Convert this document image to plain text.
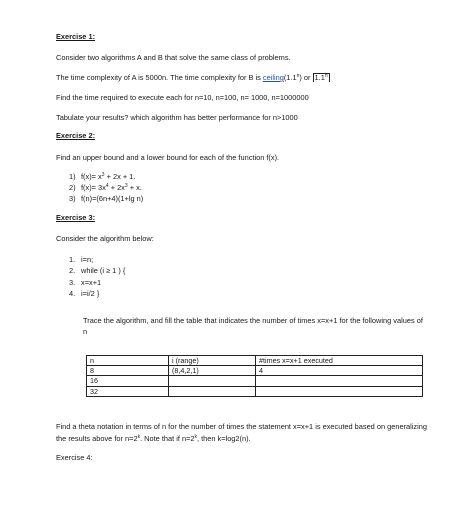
Exercise 1:
Consider two algorithms A and B that solve the same class of problems.
The time complexity of A is 5000n. The time complexity for B is ceiling(1.1$^n$) or 1.1$^n$
Find the time required to execute each for n=10, n=100, n= 1000, n=1000000
Tabulate your results? which algorithm has better performance for n>1000
Exercise 2:
Find an upper bound and a lower bound for each of the function f(x).
1) $f(x)= x^3 + 2x + 1$.
2) $f(x)= 3x^4 + 2x^3 + x$.
3) f(n)=(6n+4)(1+lg n)
Exercise 3:
Consider the algorithm below:
1. i=n;
2. while (i ≥ 1 ) {
3. x=x+1
4. i=i/2 }
Trace the algorithm, and fill the table that indicates the number of times x=x+1 for the following values of n
n	i (range)	#times x=x+1 executed
8	(8,4,2,1)	4
16		
32		
Find a theta notation in terms of n for the number of times the statement x=x+1 is executed based on generalizing the results above for $n=2^k$. Note that if $n=2^k$, then k=log2(n).
Exercise 4:
